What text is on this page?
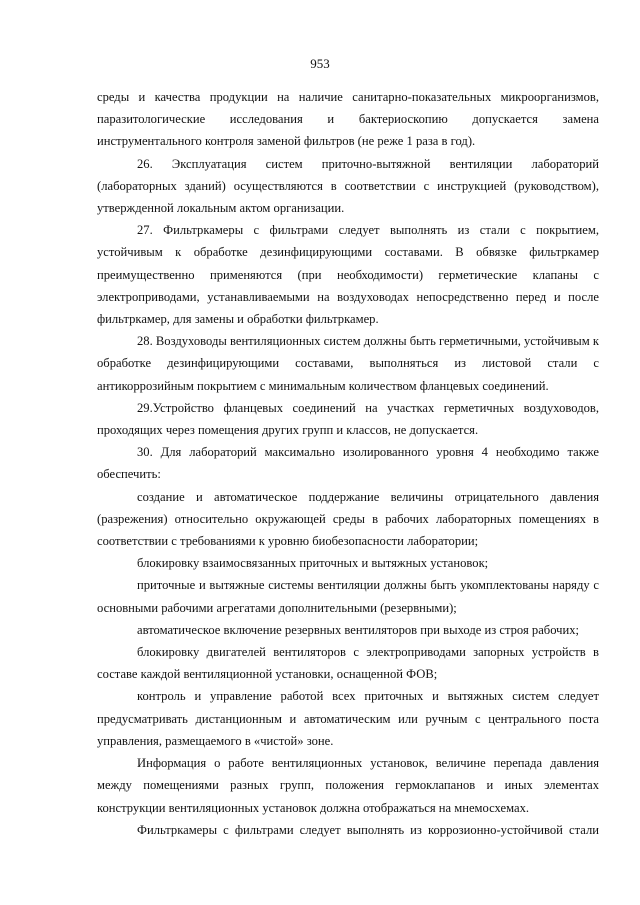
953

среды и качества продукции на наличие санитарно-показательных микроорганизмов, паразитологические исследования и бактериоскопию допускается замена инструментального контроля заменой фильтров (не реже 1 раза в год).

26. Эксплуатация систем приточно-вытяжной вентиляции лабораторий (лабораторных зданий) осуществляются в соответствии с инструкцией (руководством), утвержденной локальным актом организации.

27. Фильтркамеры с фильтрами следует выполнять из стали с покрытием, устойчивым к обработке дезинфицирующими составами. В обвязке фильтркамер преимущественно применяются (при необходимости) герметические клапаны с электроприводами, устанавливаемыми на воздуховодах непосредственно перед и после фильтркамер, для замены и обработки фильтркамер.

28. Воздуховоды вентиляционных систем должны быть герметичными, устойчивым к обработке дезинфицирующими составами, выполняться из листовой стали с антикоррозийным покрытием с минимальным количеством фланцевых соединений.

29.Устройство фланцевых соединений на участках герметичных воздуховодов, проходящих через помещения других групп и классов, не допускается.

30. Для лабораторий максимально изолированного уровня 4 необходимо также обеспечить:

создание и автоматическое поддержание величины отрицательного давления (разрежения) относительно окружающей среды в рабочих лабораторных помещениях в соответствии с требованиями к уровню биобезопасности лаборатории;

блокировку взаимосвязанных приточных и вытяжных установок;

приточные и вытяжные системы вентиляции должны быть укомплектованы наряду с основными рабочими агрегатами дополнительными (резервными);

автоматическое включение резервных вентиляторов при выходе из строя рабочих;

блокировку двигателей вентиляторов с электроприводами запорных устройств в составе каждой вентиляционной установки, оснащенной ФОВ;

контроль и управление работой всех приточных и вытяжных систем следует предусматривать дистанционным и автоматическим или ручным с центрального поста управления, размещаемого в «чистой» зоне.

Информация о работе вентиляционных установок, величине перепада давления между помещениями разных групп, положения гермоклапанов и иных элементах конструкции вентиляционных установок должна отображаться на мнемосхемах.

Фильтркамеры с фильтрами следует выполнять из коррозионно-устойчивой стали
